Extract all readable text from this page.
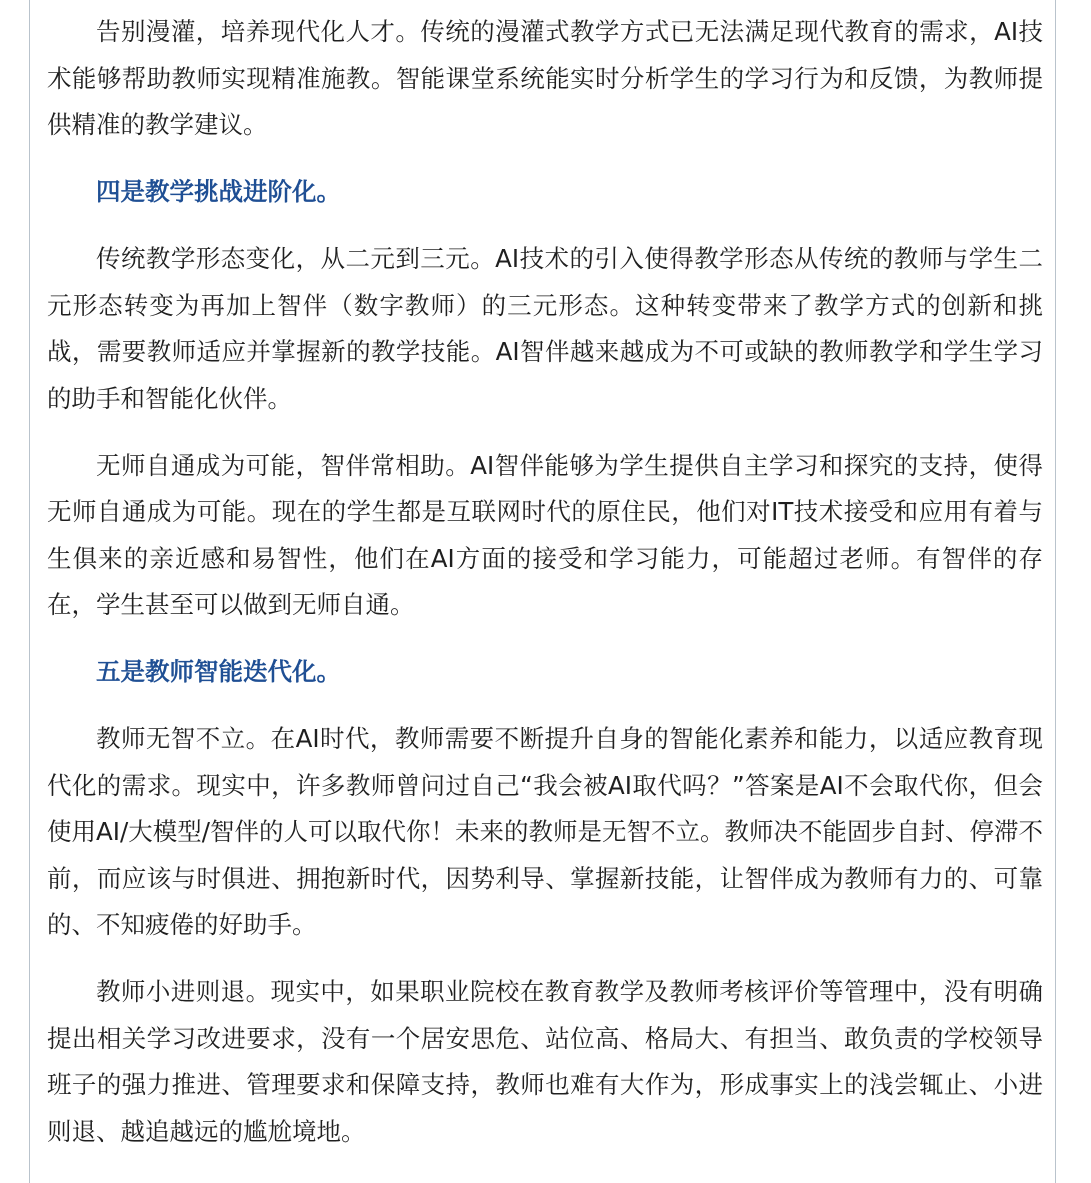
告别漫灌，培养现代化人才。传统的漫灌式教学方式已无法满足现代教育的需求，AI技术能够帮助教师实现精准施教。智能课堂系统能实时分析学生的学习行为和反馈，为教师提供精准的教学建议。

四是教学挑战进阶化。

传统教学形态变化，从二元到三元。AI技术的引入使得教学形态从传统的教师与学生二元形态转变为再加上智伴（数字教师）的三元形态。这种转变带来了教学方式的创新和挑战，需要教师适应并掌握新的教学技能。AI智伴越来越成为不可或缺的教师教学和学生学习的助手和智能化伙伴。

无师自通成为可能，智伴常相助。AI智伴能够为学生提供自主学习和探究的支持，使得无师自通成为可能。现在的学生都是互联网时代的原住民，他们对IT技术接受和应用有着与生俱来的亲近感和易智性，他们在AI方面的接受和学习能力，可能超过老师。有智伴的存在，学生甚至可以做到无师自通。

五是教师智能迭代化。

教师无智不立。在AI时代，教师需要不断提升自身的智能化素养和能力，以适应教育现代化的需求。现实中，许多教师曾问过自己“我会被AI取代吗？”答案是AI不会取代你，但会使用AI/大模型/智伴的人可以取代你！未来的教师是无智不立。教师决不能固步自封、停滞不前，而应该与时俱进、拥抱新时代，因势利导、掌握新技能，让智伴成为教师有力的、可靠的、不知疲倦的好助手。

教师小进则退。现实中，如果职业院校在教育教学及教师考核评价等管理中，没有明确提出相关学习改进要求，没有一个居安思危、站位高、格局大、有担当、敢负责的学校领导班子的强力推进、管理要求和保障支持，教师也难有大作为，形成事实上的浅尝辄止、小进则退、越追越远的尴尬境地。
